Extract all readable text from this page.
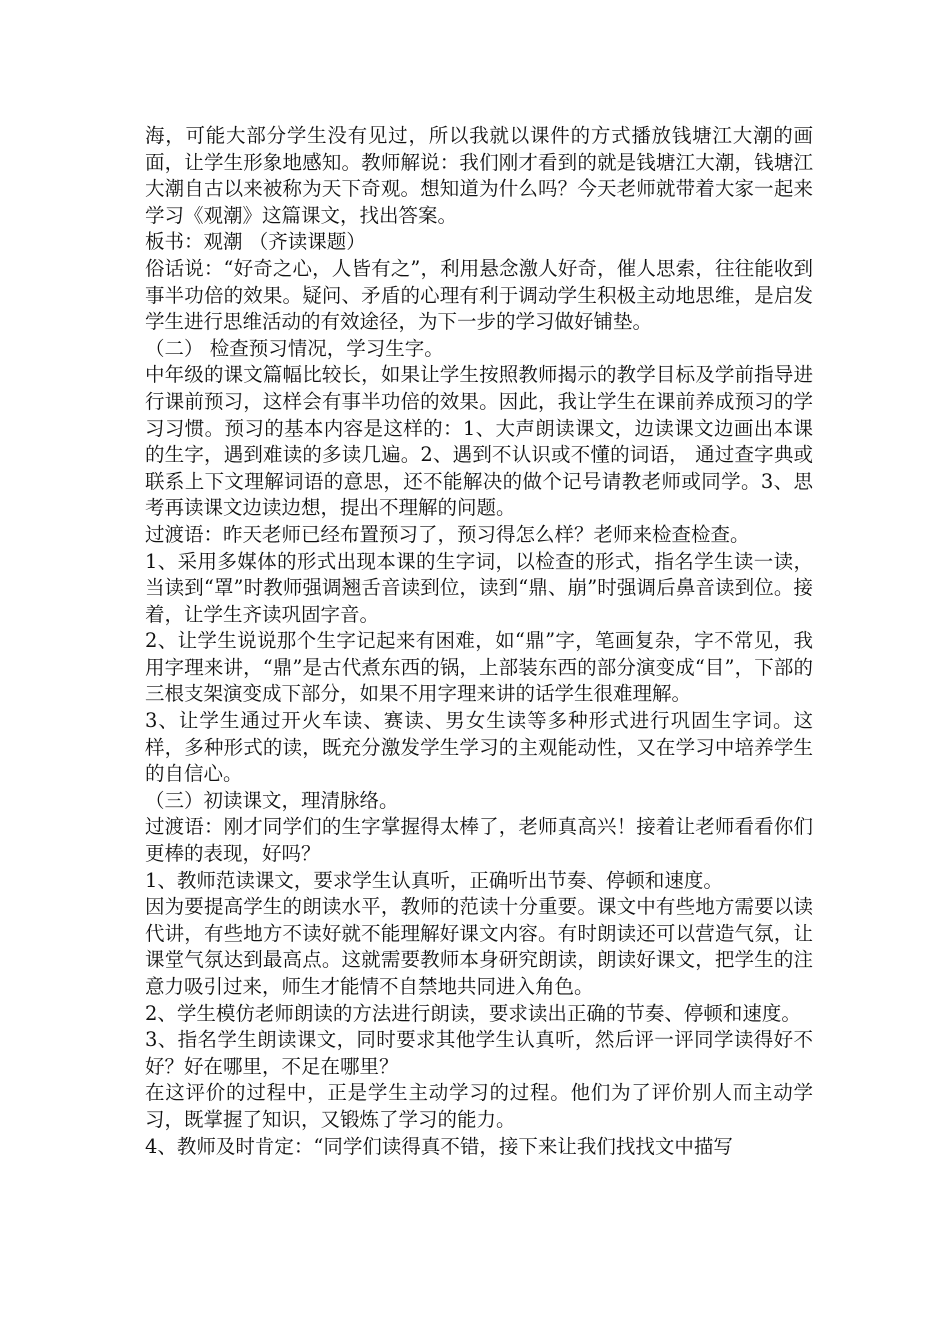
海，可能大部分学生没有见过，所以我就以课件的方式播放钱塘江大潮的画面，让学生形象地感知。教师解说：我们刚才看到的就是钱塘江大潮，钱塘江大潮自古以来被称为天下奇观。想知道为什么吗？今天老师就带着大家一起来学习《观潮》这篇课文，找出答案。

板书：观潮 （齐读课题）

俗话说：“好奇之心，人皆有之”，利用悬念激人好奇，催人思索，往往能收到事半功倍的效果。疑问、矛盾的心理有利于调动学生积极主动地思维，是启发学生进行思维活动的有效途径，为下一步的学习做好铺垫。

（二） 检查预习情况，学习生字。

中年级的课文篇幅比较长，如果让学生按照教师揭示的教学目标及学前指导进行课前预习，这样会有事半功倍的效果。因此，我让学生在课前养成预习的学习习惯。预习的基本内容是这样的：1、大声朗读课文，边读课文边画出本课的生字，遇到难读的多读几遍。2、遇到不认识或不懂的词语， 通过查字典或联系上下文理解词语的意思，还不能解决的做个记号请教老师或同学。3、思考再读课文边读边想，提出不理解的问题。

过渡语：昨天老师已经布置预习了，预习得怎么样？老师来检查检查。

1、采用多媒体的形式出现本课的生字词，以检查的形式，指名学生读一读，当读到“罩”时教师强调翘舌音读到位，读到“鼎、崩”时强调后鼻音读到位。接着，让学生齐读巩固字音。

2、让学生说说那个生字记起来有困难，如“鼎”字，笔画复杂，字不常见，我用字理来讲，“鼎”是古代煮东西的锅，上部装东西的部分演变成“目”，下部的三根支架演变成下部分，如果不用字理来讲的话学生很难理解。

3、让学生通过开火车读、赛读、男女生读等多种形式进行巩固生字词。这样，多种形式的读，既充分激发学生学习的主观能动性，又在学习中培养学生的自信心。

（三）初读课文，理清脉络。

过渡语：刚才同学们的生字掌握得太棒了，老师真高兴！接着让老师看看你们更棒的表现，好吗？

1、教师范读课文，要求学生认真听，正确听出节奏、停顿和速度。

因为要提高学生的朗读水平，教师的范读十分重要。课文中有些地方需要以读代讲，有些地方不读好就不能理解好课文内容。有时朗读还可以营造气氛，让课堂气氛达到最高点。这就需要教师本身研究朗读，朗读好课文，把学生的注意力吸引过来，师生才能情不自禁地共同进入角色。

2、学生模仿老师朗读的方法进行朗读，要求读出正确的节奏、停顿和速度。

3、指名学生朗读课文，同时要求其他学生认真听，然后评一评同学读得好不好？好在哪里，不足在哪里？

在这评价的过程中，正是学生主动学习的过程。他们为了评价别人而主动学习，既掌握了知识，又锻炼了学习的能力。

4、教师及时肯定：“同学们读得真不错，接下来让我们找找文中描写
